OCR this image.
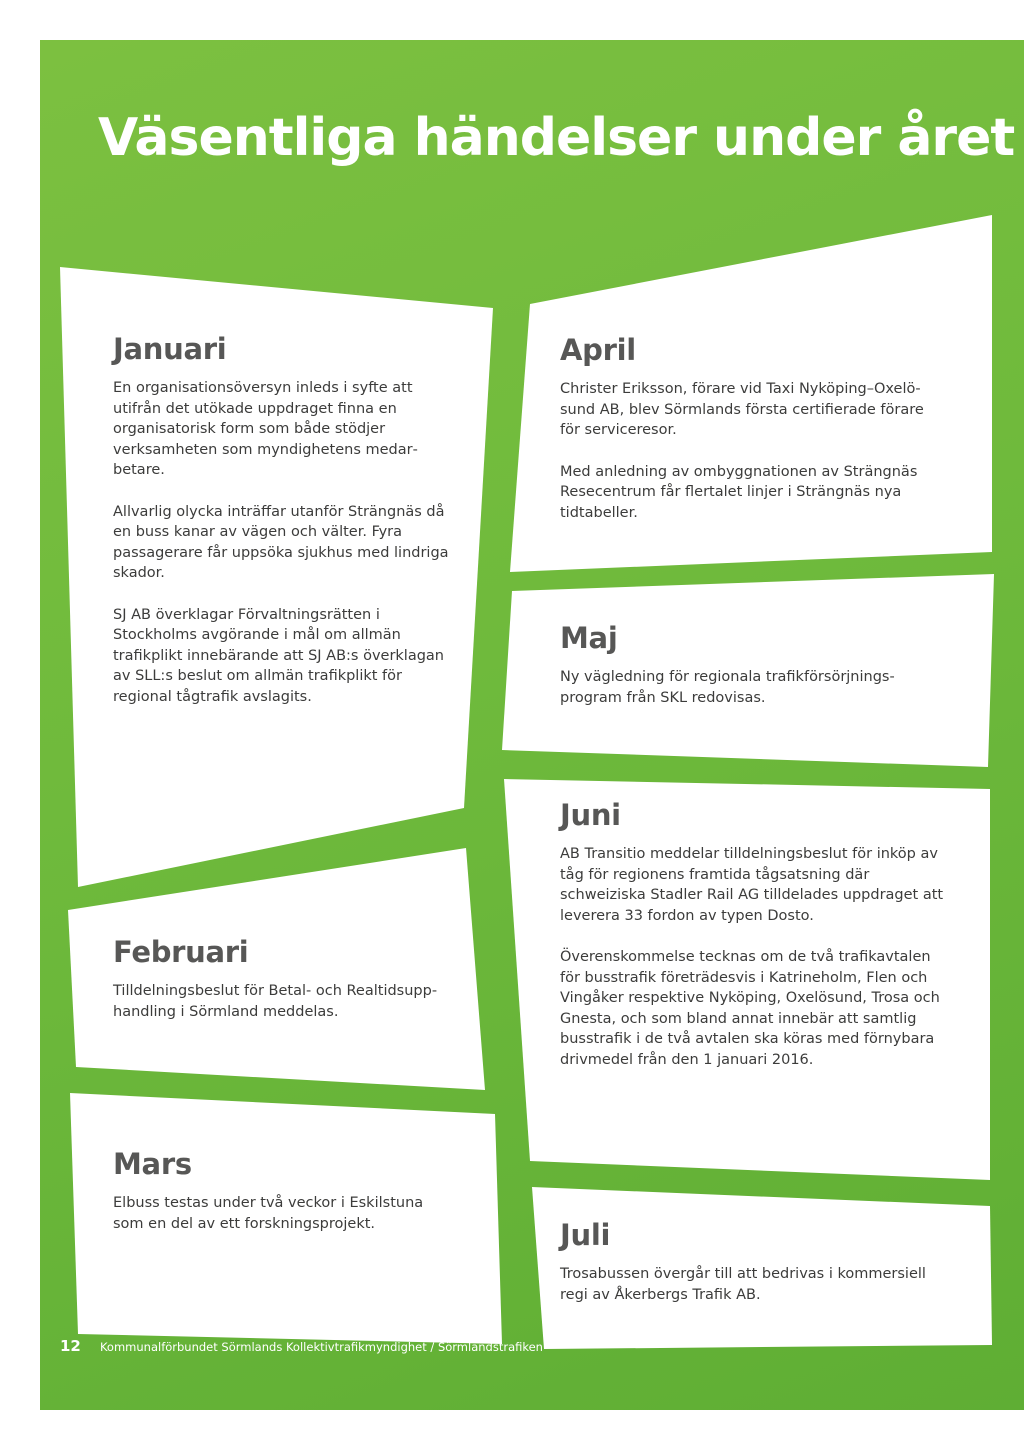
Väsentliga händelser under året
Januari

En organisationsöversyn inleds i syfte att utifrån det utökade uppdraget finna en organisatorisk form som både stödjer verksamheten som myndighetens medarbetare.

Allvarlig olycka inträffar utanför Strängnäs då en buss kanar av vägen och välter. Fyra passagerare får uppsöka sjukhus med lindriga skador.

SJ AB överklagar Förvaltningsrätten i Stockholms avgörande i mål om allmän trafikplikt innebärande att SJ AB:s överklagan av SLL:s beslut om allmän trafikplikt för regional tågtrafik avslagits.

Februari

Tilldelningsbeslut för Betal- och Realtidsupphandling i Sörmland meddelas.

Mars

Elbuss testas under två veckor i Eskilstuna som en del av ett forskningsprojekt.

April

Christer Eriksson, förare vid Taxi Nyköping–Oxelösund AB, blev Sörmlands första certifierade förare för serviceresor.

Med anledning av ombyggnationen av Strängnäs Resecentrum får flertalet linjer i Strängnäs nya tidtabeller.

Maj

Ny vägledning för regionala trafikförsörjningsprogram från SKL redovisas.

Juni

AB Transitio meddelar tilldelningsbeslut för inköp av tåg för regionens framtida tågsatsning där schweiziska Stadler Rail AG tilldelades uppdraget att leverera 33 fordon av typen Dosto.

Överenskommelse tecknas om de två trafikavtalen för busstrafik företrädesvis i Katrineholm, Flen och Vingåker respektive Nyköping, Oxelösund, Trosa och Gnesta, och som bland annat innebär att samtlig busstrafik i de två avtalen ska köras med förnybara drivmedel från den 1 januari 2016.

Juli

Trosabussen övergår till att bedrivas i kommersiell regi av Åkerbergs Trafik AB.

12 Kommunalförbundet Sörmlands Kollektivtrafikmyndighet / Sörmlandstrafiken
